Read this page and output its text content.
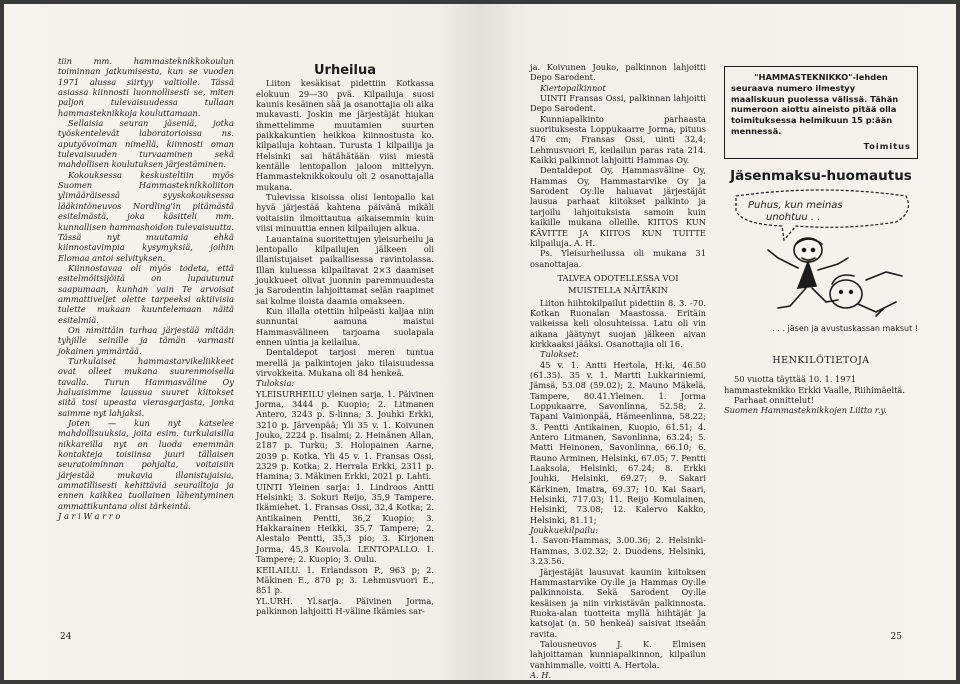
tiin mm. hammasteknikkokoulun toiminnan jatkumisesta, kun se vuoden 1971 alussa siirtyy valtiolle. Tässä asiassa kiinnosti luonnollisesti se, miten paljon tulevaisuudessa tullaan hammasteknikkoja kouluttamaan.

Sellaisia seuran jäseniä, jotka työskentelevät laboratorioissa ns. aputyövoiman nimellä, kiinnosti oman tulevaisuuden turvaaminen sekä mahdollisen koulutuksen järjestäminen.

Kokouksessa keskusteltiin myös Suomen Hammasteknikkoliiton ylimääräisessä syyskokouksessa lääkintöneuvos Nordling'in pitämästä esitelmästä, joka käsitteli mm. kunnallisen hammashoidon tulevaisuutta. Tässä nyt muutamia ehkä kiinnostavimpia kysymyksiä, joihin Elomaa antoi selvityksen.

Kiinnostavaa oli myös todeta, että esitelmöitsijöitä on lupautunut saapumaan, kunhan vain Te arvoisat ammattiveljet olette tarpeeksi aktiivisia tulette mukaan kuuntelemaan näitä esitelmiä.

On nimittäin turhaa järjestää mitään tyhjille seinille ja tämän varmasti jokainen ymmärtää.

Turkulaiset hammastarvikeliikkeet ovat olleet mukana suurenmoisella tavalla. Turun Hammasväline Oy haluaisimme laussua suuret kiitokset siitä tosi upeasta vierasgarjasta, jonka saimme nyt lahjaksi.

Joten — kun nyt katselee mahdollisuuksia, joita esim. turkulaisilla nikkareilla nyt on luoda enemmän kontakteja toisiinsa juuri tällaisen seuratoiminnan pohjalta, voitaisiin järjestää mukavia illanistujaisia, ammatillisesti kehittäviä seurailtoja ja ennen kaikkea tuollainen lähentyminen ammattikuntana olisi tärkeintä.

J a r i W a r r o

Urheilua

Liiton kesäkisat pidettiin Kotkassa elokuun 29—30 pvä. Kilpailuja suosi kaunis kesäinen sää ja osanottajia oli aika mukavasti. Joskin me järjestäjät hiukan ihmettelimme muutamien suurten paikkakuntien heikkoa kiinnostusta ko. kilpailuja kohtaan. Turusta 1 kilpailija ja Helsinki sai hätähätään viisi miestä kentälle lentopallon jaloon mittelyyn. Hammasteknikkokoulu oli 2 osanottajalla mukana.

Tulevissa kisoissa olisi lentopallo kai hyvä järjestää kahtena päivänä mikäli voitaisiin ilmoittautua aikaisemmin kuin viisi minuuttia ennen kilpailujen alkua.

Lauantaina suoritettujen yleisurheilu ja lentopallo kilpailujen jälkeen oli illanistujaiset paikallisessa ravintolassa. Illan kuluessa kilpailtavat 2×3 daamiset joukkueet olivat juonnin paremmuudesta ja Sarodentin lahjoittamat selän raapimet sai kolme iloista daamia omakseen.

Kun illalla otettiin hilpeästi kaljaa niin sunnuntai aamuna maistui Hammasvälineen tarjoama suolapala ennen uintia ja keilailua.

Dentaldepot tarjosi meren tuntua merellä ja palkintojen jako tilaisuudessa virvokkeita. Mukana oli 84 henkeä.

Tuloksia:

YLEISURHEILU yleinen sarja. 1. Päivinen Jorma, 3444 p. Kuopio; 2. Litmanen Antero, 3243 p. S-linna; 3. Jouhki Erkki, 3210 p. Järvenpää; Yli 35 v. 1. Koivunen Jouko, 2224 p. Iisalmi; 2. Heinänen Allan, 2187 p. Turku; 3. Holopainen Aarne, 2039 p. Kotka. Yli 45 v. 1. Fransas Ossi, 2329 p. Kotka; 2. Herrala Erkki, 2311 p. Hamina; 3. Mäkinen Erkki, 2021 p. Lahti.

UINTI Yleinen sarja: 1. Lindroos Antti Helsinki; 3. Sokuri Reijo, 35,9 Tampere. Ikämiehet. 1. Fransas Ossi, 32,4 Kotka; 2. Antikainen Pentti, 36,2 Kuopio; 3. Hakkarainen Heikki, 35,7 Tampere; 2. Alestalo Pentti, 35,3 pio; 3. Kirjonen Jorma, 45,3 Kouvola. LENTOPALLO. 1. Tampere; 2. Kuopio; 3. Oulu.

KEILAILU. 1. Erlandsson P., 963 p; 2. Mäkinen E., 870 p; 3. Lehmusvuori E., 851 p.

YL.URH. Yl.sarja. Päivinen Jorma, palkinnon lahjoitti H-väline Ikämies sar-

24

ja. Koivunen Jouko, palkinnon lahjoitti Depo Sarodent.

Kiertopalkinnot

UINTI Fransas Ossi, palkinnan lahjoitti Depo Sarodent.

Kunniapalkinto parhaasta suorituksesta Loppukaarre Jorma, pituus 476 cm; Fransas Ossi, uinti 32,4; Lehmusvuori E, keilailun paras rata 214. Kaikki palkinnot lahjoitti Hammas Oy.

Dentaldepot Oy, Hammasväline Oy, Hammas Oy, Hammastarvike Oy ja Sarodent Oy:lle haluavat järjestäjät lausua parhaat kiitokset palkinto ja tarjoilu lahjoituksista samoin kuin kaikille mukana olleille. KIITOS KUN KÄVITTE JA KIITOS KUN TUITTE kilpailuja. A. H.

Ps. Yleisurheilussa oli mukana 31 osanottajaa.

TALVEA ODOTELLESSA VOI
MUISTELLA NÄITÄKIN

Liiton hiihtokilpailut pidettiin 8. 3. -70. Kotkan Ruonalan Maastossa. Eritäin vaikeissa keli olosuhteissa. Latu oli vin aikana jäätynyt suojan jälkeen aivan kirkkaaksi jääksi. Osanottajia oli 16.

Tulokset:

45 v. 1. Antti Hertola, H:ki, 46.50 (61.35). 35 v. 1. Martti Lukkariniemi, Jämsä, 53.08 (59.02); 2. Mauno Mäkelä, Tampere, 80.41.Yleinen. 1. Jorma Loppukaarre, Savonlinna, 52.58; 2. Tapani Vainionpää, Hämeenlinna, 58.22; 3. Pentti Antikainen, Kuopio, 61.51; 4. Antero Litmanen, Savonlinna, 63.24; 5. Matti Heinonen, Savonlinna, 66.10; 6. Rauno Arminen, Helsinki, 67.05; 7. Pentti Laaksola, Helsinki, 67.24; 8. Erkki Jouhki, Helsinki, 69.27; 9. Sakari Kärkinen, Imatra, 69.37; 10. Kai Saari, Helsinki, 717.03; 11. Reijo Komulainen, Helsinki, 73.08; 12. Kalervo Kakko, Helsinki, 81.11;

Joukkuekilpailu:

1. Savon-Hammas, 3.00.36; 2. Helsinki-Hammas, 3.02.32; 2. Duodens, Helsinki, 3.23.56.

Järjestäjät lausuvat kauniin kiitoksen Hammastarvike Oy:lle ja Hammas Oy:lle palkinnoista. Sekä Sarodent Oy:lle kesäisen ja niin virkistävän palkinnosta. Ruoka-alan tuotteita myllä hiihtäjät ja katsojat (n. 50 henkeä) saisivat itseään ravita.

Talousneuvos J. K. Elmisen lahjoittaman kunniapalkinnon, kilpailun vanhimmalle, voitti A. Hertola.

A. H.

"HAMMASTEKNIKKO"-lehden
seuraava numero ilmestyy maaliskuun puolessa välissä. Tähän numeroon aiottu aineisto pitää olla toimituksessa helmikuun 15 p:ään mennessä.
Toimitus
Jäsenmaksu-huomautus
Puhus, kun meinas
unohtuu . .
. . . jäsen ja avustuskassan maksut !
HENKILÖTIETOJA

50 vuotta täyttää 10. 1. 1971 hammasteknikko Erkki Vaalle, Riihimäeltä.

Parhaat onnittelut!

Suomen Hammasteknikkojen Liitto r.y.

25
